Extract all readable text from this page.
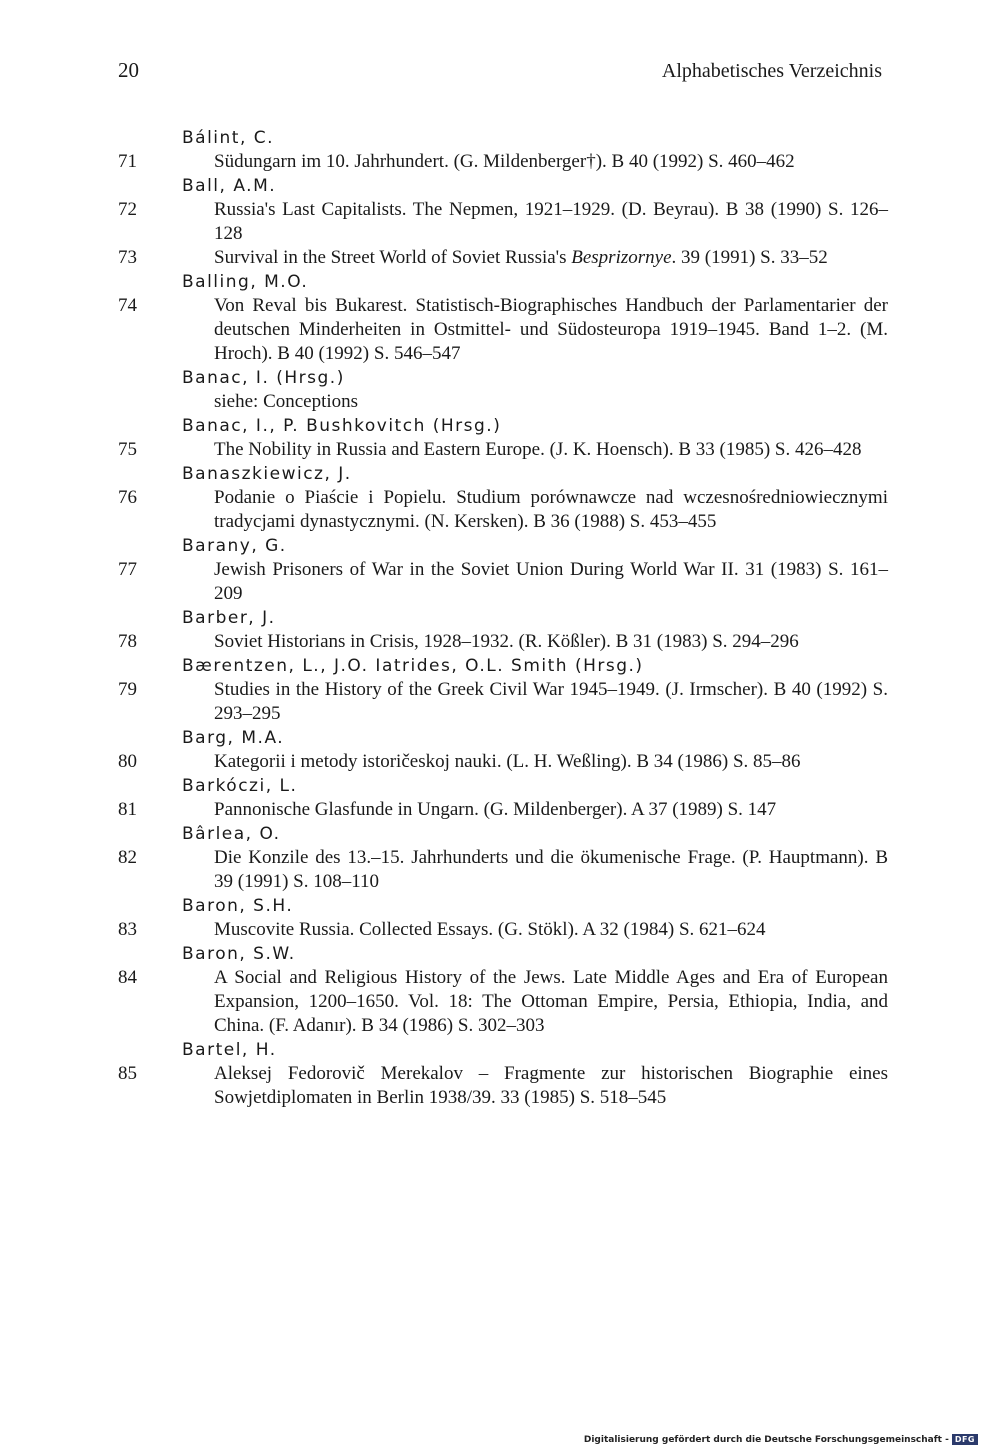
20	Alphabetisches Verzeichnis
Bálint, C.
71	Südungarn im 10. Jahrhundert. (G. Mildenberger†). B 40 (1992) S. 460–462
Ball, A.M.
72	Russia's Last Capitalists. The Nepmen, 1921–1929. (D. Beyrau). B 38 (1990) S. 126–128
73	Survival in the Street World of Soviet Russia's Besprizornye. 39 (1991) S. 33–52
Balling, M.O.
74	Von Reval bis Bukarest. Statistisch-Biographisches Handbuch der Parlamentarier der deutschen Minderheiten in Ostmittel- und Südosteuropa 1919–1945. Band 1–2. (M. Hroch). B 40 (1992) S. 546–547
Banac, I. (Hrsg.)
siehe: Conceptions
Banac, I., P. Bushkovitch (Hrsg.)
75	The Nobility in Russia and Eastern Europe. (J. K. Hoensch). B 33 (1985) S. 426–428
Banaszkiewicz, J.
76	Podanie o Piaście i Popielu. Studium porównawcze nad wczesnośredniowiecznymi tradycjami dynastycznymi. (N. Kersken). B 36 (1988) S. 453–455
Barany, G.
77	Jewish Prisoners of War in the Soviet Union During World War II. 31 (1983) S. 161–209
Barber, J.
78	Soviet Historians in Crisis, 1928–1932. (R. Kößler). B 31 (1983) S. 294–296
Bærentzen, L., J.O. Iatrides, O.L. Smith (Hrsg.)
79	Studies in the History of the Greek Civil War 1945–1949. (J. Irmscher). B 40 (1992) S. 293–295
Barg, M.A.
80	Kategorii i metody istoričeskoj nauki. (L. H. Weßling). B 34 (1986) S. 85–86
Barkóczi, L.
81	Pannonische Glasfunde in Ungarn. (G. Mildenberger). A 37 (1989) S. 147
Bârlea, O.
82	Die Konzile des 13.–15. Jahrhunderts und die ökumenische Frage. (P. Hauptmann). B 39 (1991) S. 108–110
Baron, S.H.
83	Muscovite Russia. Collected Essays. (G. Stökl). A 32 (1984) S. 621–624
Baron, S.W.
84	A Social and Religious History of the Jews. Late Middle Ages and Era of European Expansion, 1200–1650. Vol. 18: The Ottoman Empire, Persia, Ethiopia, India, and China. (F. Adanır). B 34 (1986) S. 302–303
Bartel, H.
85	Aleksej Fedorovič Merekalov – Fragmente zur historischen Biographie eines Sowjetdiplomaten in Berlin 1938/39. 33 (1985) S. 518–545
Digitalisierung gefördert durch die Deutsche Forschungsgemeinschaft - DFG
